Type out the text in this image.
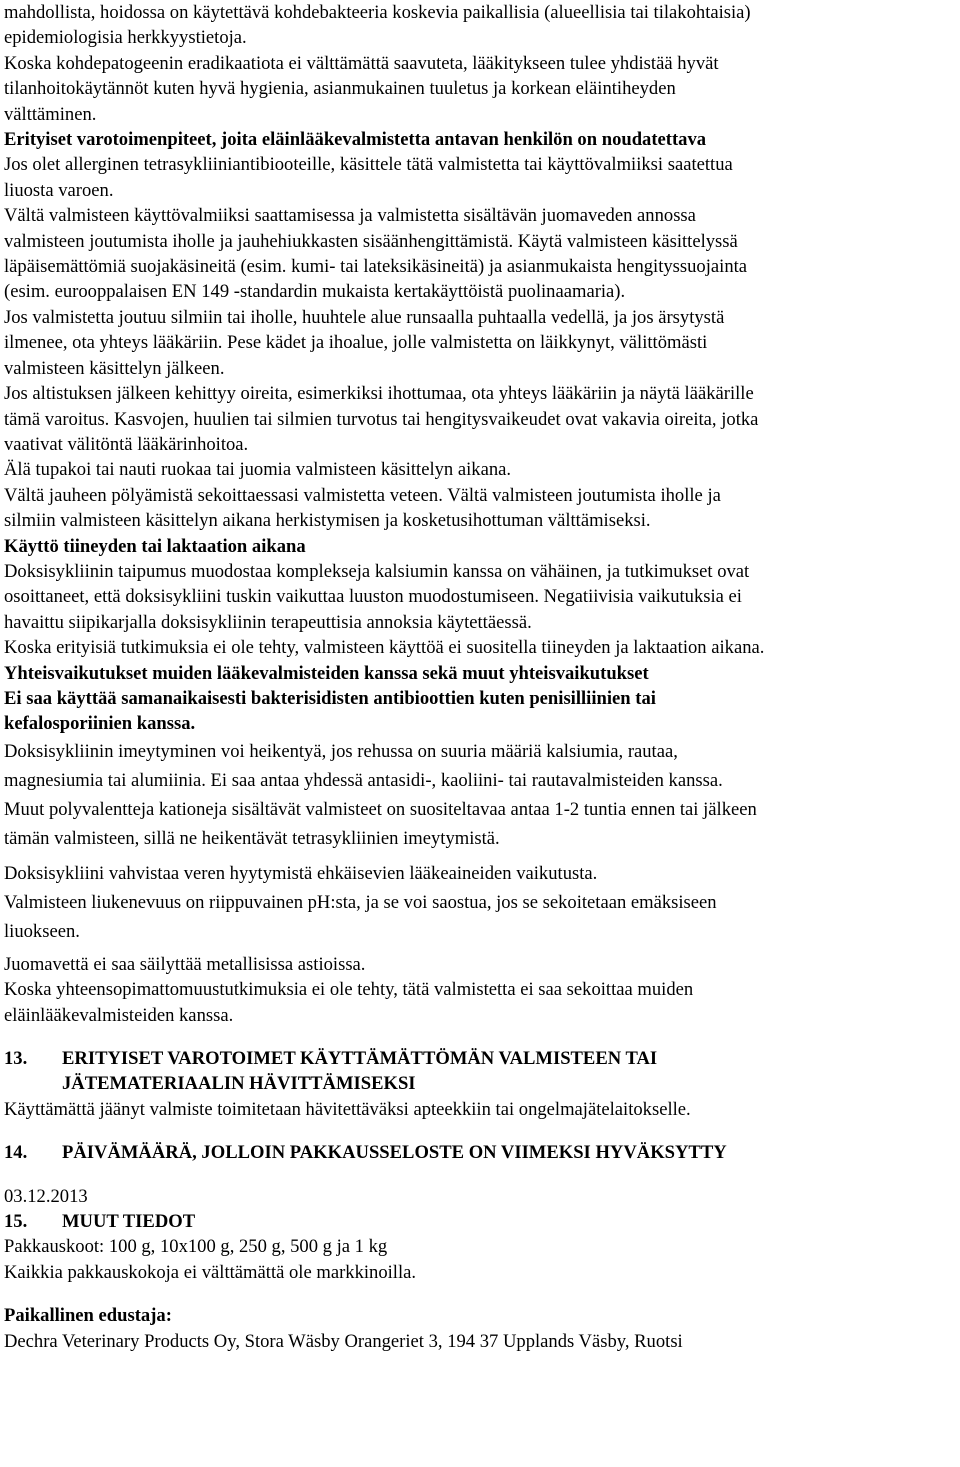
mahdollista, hoidossa on käytettävä kohdebakteeria koskevia paikallisia (alueellisia tai tilakohtaisia)
epidemiologisia herkkyystietoja.
Koska kohdepatogeenin eradikaatiota ei välttämättä saavuteta, lääkitykseen tulee yhdistää hyvät
tilanhoitokäytännöt kuten hyvä hygienia, asianmukainen tuuletus ja korkean eläintiheyden
välttäminen.
Erityiset varotoimenpiteet, joita eläinlääkevalmistetta antavan henkilön on noudatettava
Jos olet allerginen tetrasykliiniantibiooteille, käsittele tätä valmistetta tai käyttövalmiiksi saatettua
liuosta varoen.
Vältä valmisteen käyttövalmiiksi saattamisessa ja valmistetta sisältävän juomaveden annossa
valmisteen joutumista iholle ja jauhehiukkasten sisäänhengittämistä. Käytä valmisteen käsittelyssä
läpäisemättömiä suojakäsineitä (esim. kumi- tai lateksikäsineitä) ja asianmukaista hengityssuojainta
(esim. eurooppalaisen EN 149 -standardin mukaista kertakäyttöistä puolinaamaria).
Jos valmistetta joutuu silmiin tai iholle, huuhtele alue runsaalla puhtaalla vedellä, ja jos ärsytystä
ilmenee, ota yhteys lääkäriin. Pese kädet ja ihoalue, jolle valmistetta on läikkynyt, välittömästi
valmisteen käsittelyn jälkeen.
Jos altistuksen jälkeen kehittyy oireita, esimerkiksi ihottumaa, ota yhteys lääkäriin ja näytä lääkärille
tämä varoitus. Kasvojen, huulien tai silmien turvotus tai hengitysvaikeudet ovat vakavia oireita, jotka
vaativat välitöntä lääkärinhoitoa.
Älä tupakoi tai nauti ruokaa tai juomia valmisteen käsittelyn aikana.
Vältä jauheen pölyämistä sekoittaessasi valmistetta veteen. Vältä valmisteen joutumista iholle ja
silmiin valmisteen käsittelyn aikana herkistymisen ja kosketusihottuman välttämiseksi.
Käyttö tiineyden tai laktaation aikana
Doksisykliinin taipumus muodostaa komplekseja kalsiumin kanssa on vähäinen, ja tutkimukset ovat
osoittaneet, että doksisykliini tuskin vaikuttaa luuston muodostumiseen. Negatiivisia vaikutuksia ei
havaittu siipikarjalla doksisykliinin terapeuttisia annoksia käytettäessä.
Koska erityisiä tutkimuksia ei ole tehty, valmisteen käyttöä ei suositella tiineyden ja laktaation aikana.
Yhteisvaikutukset muiden lääkevalmisteiden kanssa sekä muut yhteisvaikutukset
Ei saa käyttää samanaikaisesti bakterisidisten antibioottien kuten penisilliinien tai
kefalosporiinien kanssa.
Doksisykliinin imeytyminen voi heikentyä, jos rehussa on suuria määriä kalsiumia, rautaa,
magnesiumia tai alumiinia. Ei saa antaa yhdessä antasidi-, kaoliini- tai rautavalmisteiden kanssa.
Muut polyvalentteja kationeja sisältävät valmisteet on suositeltavaa antaa 1-2 tuntia ennen tai jälkeen
tämän valmisteen, sillä ne heikentävät tetrasykliinien imeytymistä.
Doksisykliini vahvistaa veren hyytymistä ehkäisevien lääkeaineiden vaikutusta.
Valmisteen liukenevuus on riippuvainen pH:sta, ja se voi saostua, jos se sekoitetaan emäksiseen
liuokseen.
Juomavettä ei saa säilyttää metallisissa astioissa.
Koska yhteensopimattomuustutkimuksia ei ole tehty, tätä valmistetta ei saa sekoittaa muiden
eläinlääkevalmisteiden kanssa.
13. ERITYISET VAROTOIMET KÄYTTÄMÄTTÖMÄN VALMISTEEN TAI
JÄTEMATERIAALIN HÄVITTÄMISEKSI
Käyttämättä jäänyt valmiste toimitetaan hävitettäväksi apteekkiin tai ongelmajätelaitokselle.
14. PÄIVÄMÄÄRÄ, JOLLOIN PAKKAUSSELOSTE ON VIIMEKSI HYVÄKSYTTY
03.12.2013
15. MUUT TIEDOT
Pakkauskoot: 100 g, 10x100 g, 250 g, 500 g ja 1 kg
Kaikkia pakkauskokoja ei välttämättä ole markkinoilla.
Paikallinen edustaja:
Dechra Veterinary Products Oy, Stora Wäsby Orangeriet 3, 194 37 Upplands Väsby, Ruotsi
